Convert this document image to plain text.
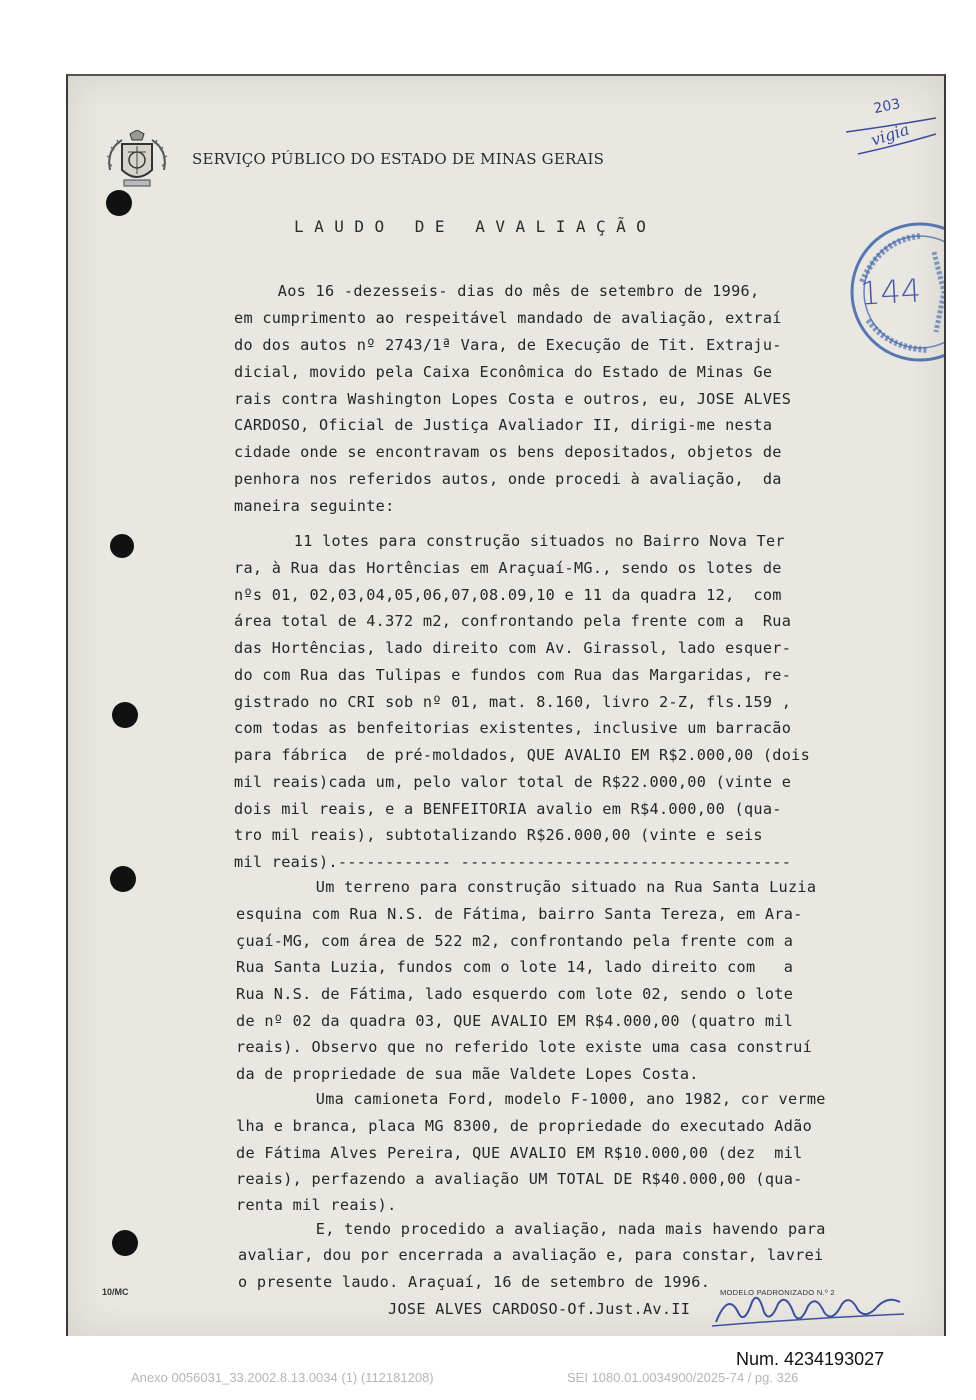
SERVIÇO PÚBLICO DO ESTADO DE MINAS GERAIS
203
vigia
LAUDO DE AVALIAÇÃO
144

Aos 16 -dezesseis- dias do mês de setembro de 1996,

em cumprimento ao respeitável mandado de avaliação, extraí

do dos autos nº 2743/1ª Vara, de Execução de Tit. Extraju-

dicial, movido pela Caixa Econômica do Estado de Minas Ge

rais contra Washington Lopes Costa e outros, eu, JOSE ALVES

CARDOSO, Oficial de Justiça Avaliador II, dirigi-me nesta

cidade onde se encontravam os bens depositados, objetos de

penhora nos referidos autos, onde procedi à avaliação,  da

maneira seguinte:

11 lotes para construção situados no Bairro Nova Ter

ra, à Rua das Hortências em Araçuaí-MG., sendo os lotes de

nºs 01, 02,03,04,05,06,07,08.09,10 e 11 da quadra 12,  com

área total de 4.372 m2, confrontando pela frente com a  Rua

das Hortências, lado direito com Av. Girassol, lado esquer-

do com Rua das Tulipas e fundos com Rua das Margaridas, re-

gistrado no CRI sob nº 01, mat. 8.160, livro 2-Z, fls.159 ,

com todas as benfeitorias existentes, inclusive um barracão

para fábrica  de pré-moldados, QUE AVALIO EM R$2.000,00 (dois

mil reais)cada um, pelo valor total de R$22.000,00 (vinte e

dois mil reais, e a BENFEITORIA avalio em R$4.000,00 (qua-

tro mil reais), subtotalizando R$26.000,00 (vinte e seis

mil reais).------------ -----------------------------------

Um terreno para construção situado na Rua Santa Luzia

esquina com Rua N.S. de Fátima, bairro Santa Tereza, em Ara-

çuaí-MG, com área de 522 m2, confrontando pela frente com a

Rua Santa Luzia, fundos com o lote 14, lado direito com   a

Rua N.S. de Fátima, lado esquerdo com lote 02, sendo o lote

de nº 02 da quadra 03, QUE AVALIO EM R$4.000,00 (quatro mil

reais). Observo que no referido lote existe uma casa construí

da de propriedade de sua mãe Valdete Lopes Costa.

Uma camioneta Ford, modelo F-1000, ano 1982, cor verme

lha e branca, placa MG 8300, de propriedade do executado Adão

de Fátima Alves Pereira, QUE AVALIO EM R$10.000,00 (dez  mil

reais), perfazendo a avaliação UM TOTAL DE R$40.000,00 (qua-

renta mil reais).

E, tendo procedido a avaliação, nada mais havendo para

avaliar, dou por encerrada a avaliação e, para constar, lavrei

o presente laudo. Araçuaí, 16 de setembro de 1996.

JOSE ALVES CARDOSO-Of.Just.Av.II

MODELO PADRONIZADO N.º 2
10/MC
Num. 4234193027
Anexo 0056031_33.2002.8.13.0034 (1) (112181208)	SEI 1080.01.0034900/2025-74 / pg. 326
